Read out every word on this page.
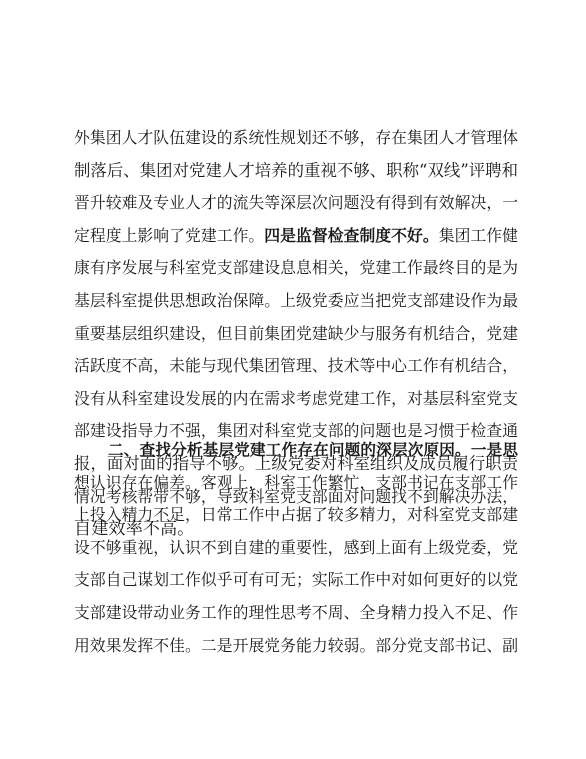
外集团人才队伍建设的系统性规划还不够，存在集团人才管理体
制落后、集团对党建人才培养的重视不够、职称“双线”评聘和
晋升较难及专业人才的流失等深层次问题没有得到有效解决，一
定程度上影响了党建工作。四是监督检查制度不好。集团工作健
康有序发展与科室党支部建设息息相关，党建工作最终目的是为
基层科室提供思想政治保障。上级党委应当把党支部建设作为最
重要基层组织建设，但目前集团党建缺少与服务有机结合，党建
活跃度不高，未能与现代集团管理、技术等中心工作有机结合，
没有从科室建设发展的内在需求考虑党建工作，对基层科室党支
部建设指导力不强，集团对科室党支部的问题也是习惯于检查通
报，面对面的指导不够。上级党委对科室组织及成员履行职责
情况考核帮带不够，导致科室党支部面对问题找不到解决办法，
自建效率不高。
二、查找分析基层党建工作存在问题的深层次原因。一是思
想认识存在偏差。客观上，科室工作繁忙，支部书记在支部工作
上投入精力不足，日常工作中占据了较多精力，对科室党支部建
设不够重视，认识不到自建的重要性，感到上面有上级党委，党
支部自己谋划工作似乎可有可无；实际工作中对如何更好的以党
支部建设带动业务工作的理性思考不周、全身精力投入不足、作
用效果发挥不佳。二是开展党务能力较弱。部分党支部书记、副
